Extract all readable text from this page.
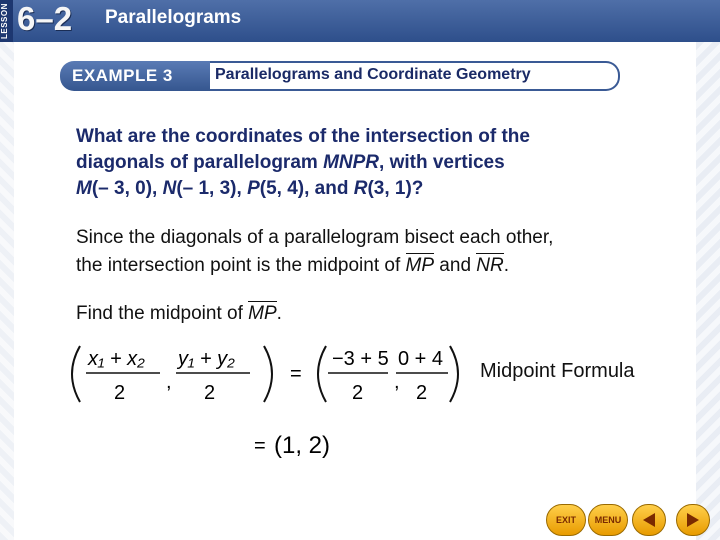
LESSON 6–2 Parallelograms
EXAMPLE 3	Parallelograms and Coordinate Geometry
What are the coordinates of the intersection of the
diagonals of parallelogram MNPR, with vertices
M(– 3, 0), N(– 1, 3), P(5, 4), and R(3, 1)?
Since the diagonals of a parallelogram bisect each other,
the intersection point is the midpoint of MP and NR.
Find the midpoint of MP.
x₁ + x₂
2 ,
y₁ + y₂
2
=
−3 + 5
2 ,
0 + 4
2
= (1, 2)
Midpoint Formula
EXIT	MENU
